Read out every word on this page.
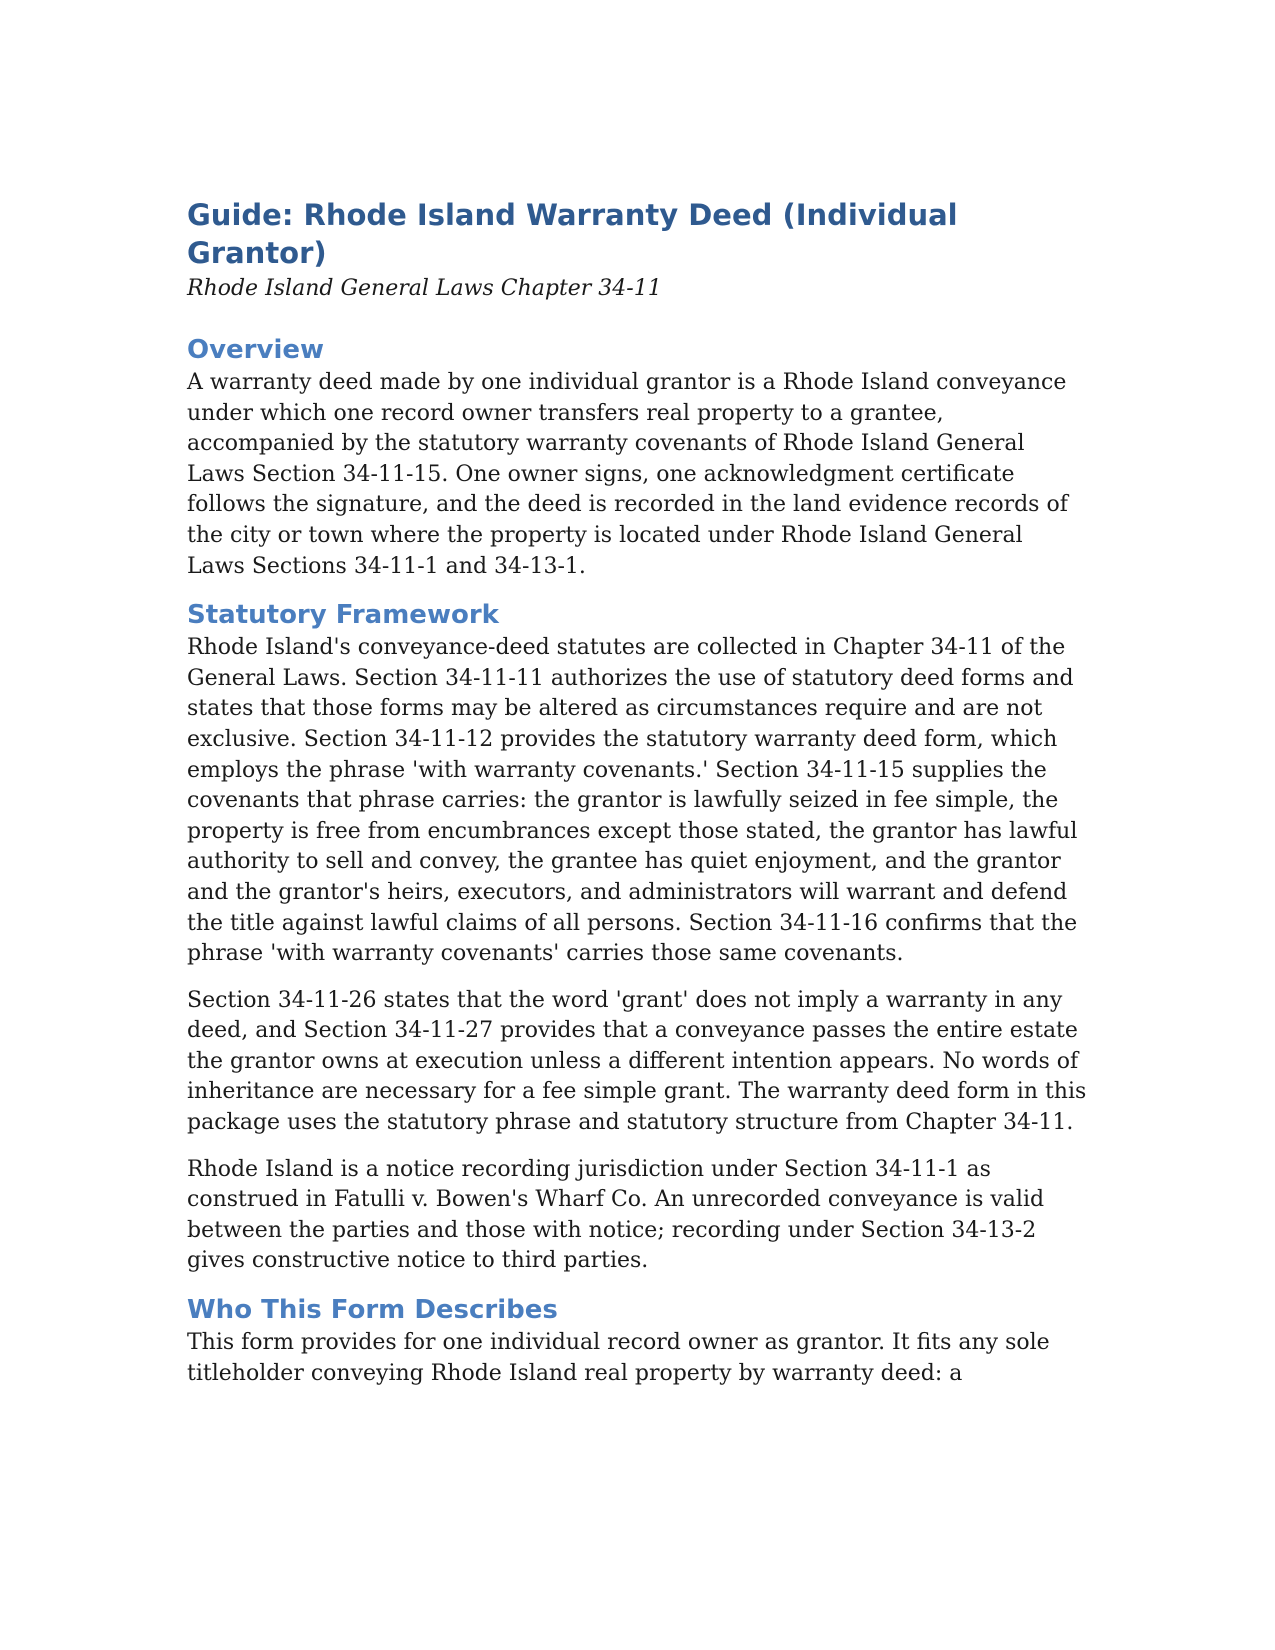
Guide: Rhode Island Warranty Deed (Individual Grantor)

Rhode Island General Laws Chapter 34-11

Overview

A warranty deed made by one individual grantor is a Rhode Island conveyance under which one record owner transfers real property to a grantee, accompanied by the statutory warranty covenants of Rhode Island General Laws Section 34-11-15. One owner signs, one acknowledgment certificate follows the signature, and the deed is recorded in the land evidence records of the city or town where the property is located under Rhode Island General Laws Sections 34-11-1 and 34-13-1.

Statutory Framework

Rhode Island's conveyance-deed statutes are collected in Chapter 34-11 of the General Laws. Section 34-11-11 authorizes the use of statutory deed forms and states that those forms may be altered as circumstances require and are not exclusive. Section 34-11-12 provides the statutory warranty deed form, which employs the phrase 'with warranty covenants.' Section 34-11-15 supplies the covenants that phrase carries: the grantor is lawfully seized in fee simple, the property is free from encumbrances except those stated, the grantor has lawful authority to sell and convey, the grantee has quiet enjoyment, and the grantor and the grantor's heirs, executors, and administrators will warrant and defend the title against lawful claims of all persons. Section 34-11-16 confirms that the phrase 'with warranty covenants' carries those same covenants.

Section 34-11-26 states that the word 'grant' does not imply a warranty in any deed, and Section 34-11-27 provides that a conveyance passes the entire estate the grantor owns at execution unless a different intention appears. No words of inheritance are necessary for a fee simple grant. The warranty deed form in this package uses the statutory phrase and statutory structure from Chapter 34-11.

Rhode Island is a notice recording jurisdiction under Section 34-11-1 as construed in Fatulli v. Bowen's Wharf Co. An unrecorded conveyance is valid between the parties and those with notice; recording under Section 34-13-2 gives constructive notice to third parties.

Who This Form Describes

This form provides for one individual record owner as grantor. It fits any sole titleholder conveying Rhode Island real property by warranty deed: a
